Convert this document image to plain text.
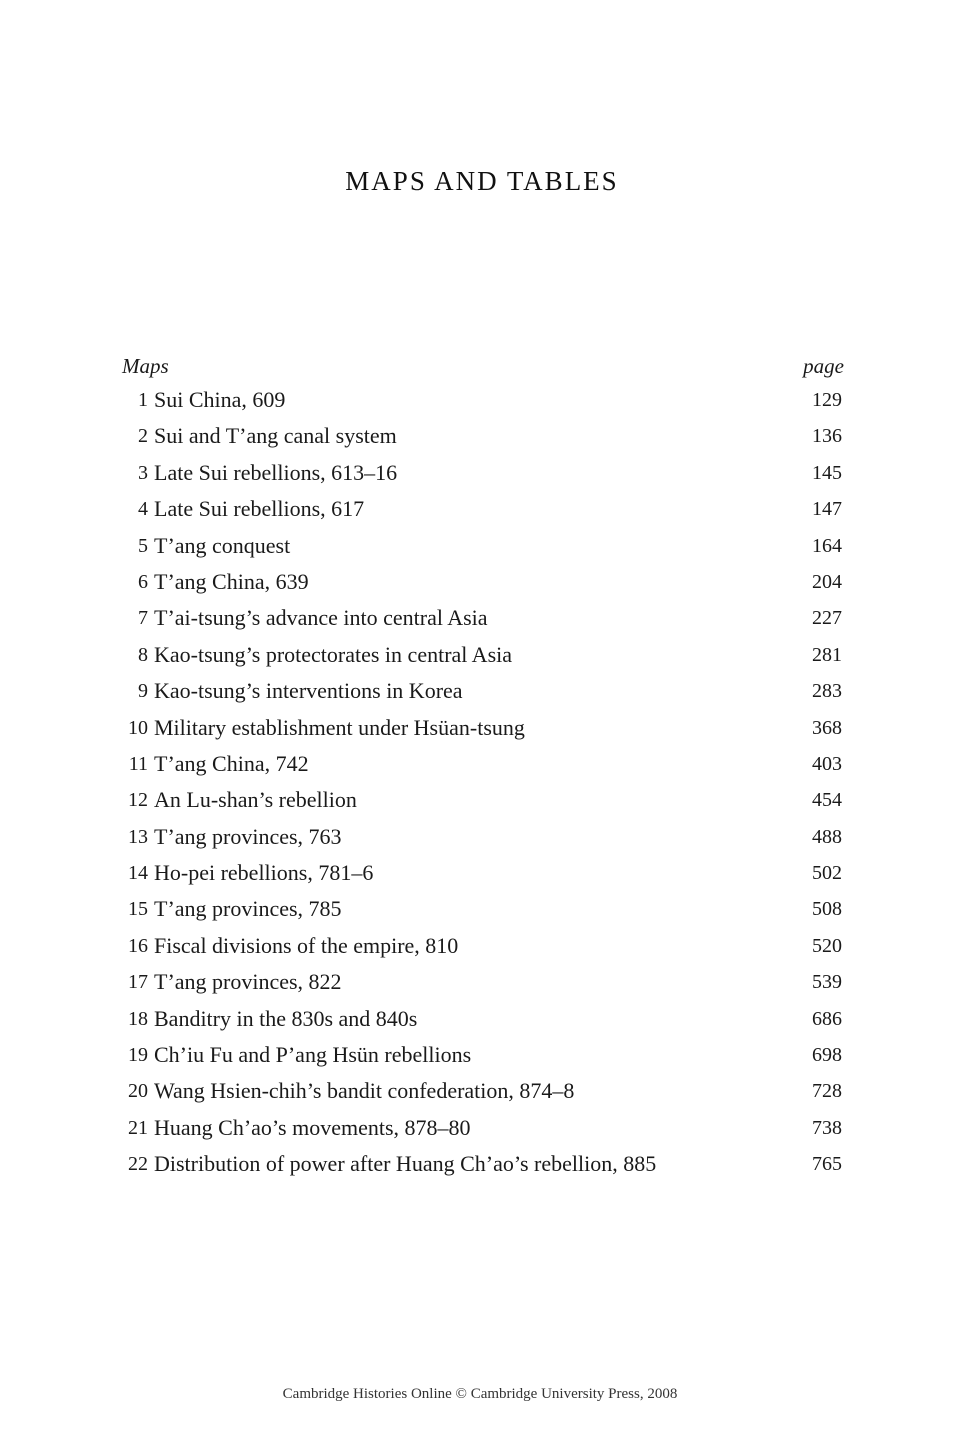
MAPS AND TABLES
Maps	page
1 Sui China, 609	129
2 Sui and T’ang canal system	136
3 Late Sui rebellions, 613–16	145
4 Late Sui rebellions, 617	147
5 T’ang conquest	164
6 T’ang China, 639	204
7 T’ai-tsung’s advance into central Asia	227
8 Kao-tsung’s protectorates in central Asia	281
9 Kao-tsung’s interventions in Korea	283
10 Military establishment under Hsüan-tsung	368
11 T’ang China, 742	403
12 An Lu-shan’s rebellion	454
13 T’ang provinces, 763	488
14 Ho-pei rebellions, 781–6	502
15 T’ang provinces, 785	508
16 Fiscal divisions of the empire, 810	520
17 T’ang provinces, 822	539
18 Banditry in the 830s and 840s	686
19 Ch’iu Fu and P’ang Hsün rebellions	698
20 Wang Hsien-chih’s bandit confederation, 874–8	728
21 Huang Ch’ao’s movements, 878–80	738
22 Distribution of power after Huang Ch’ao’s rebellion, 885	765
Cambridge Histories Online © Cambridge University Press, 2008
